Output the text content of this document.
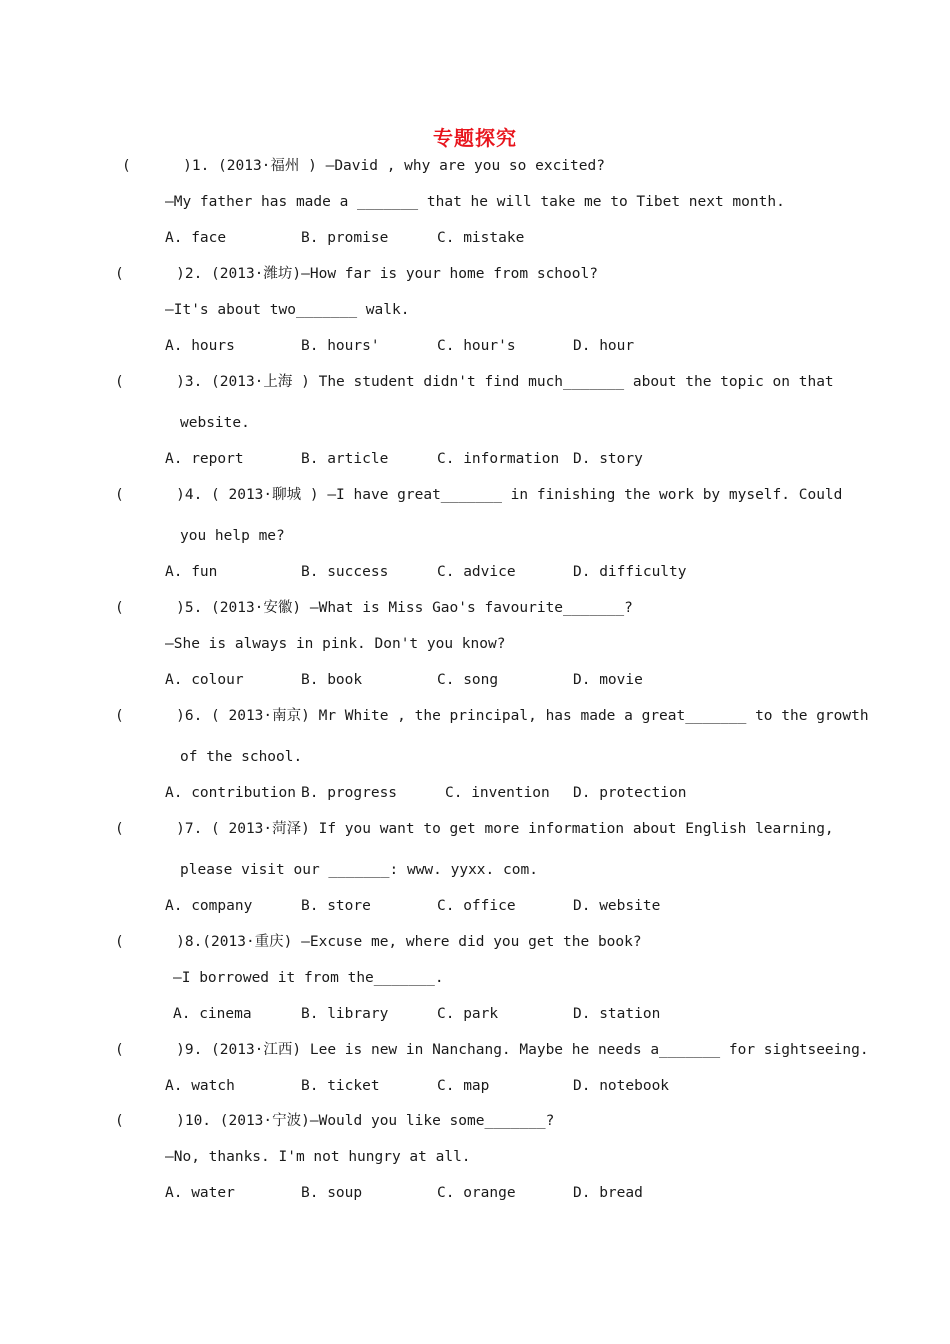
专题探究
(      )1. (2013·福州 ) —David , why are you so excited?
—My father has made a _______ that he will take me to Tibet next month.
A. face	B. promise	C. mistake
(      )2. (2013·潍坊)—How far is your home from school?
—It's about two_______ walk.
A. hours	B. hours'	C. hour's	D. hour
(      )3. (2013·上海 ) The student didn't find much_______ about the topic on that
website.
A. report	B. article	C. information D. story
(      )4. ( 2013·聊城 ) —I have great_______ in finishing the work by myself. Could
you help me?
A. fun	B. success	C. advice	D. difficulty
(      )5. (2013·安徽) —What is Miss Gao's favourite_______?
—She is always in pink. Don't you know?
A. colour	B. book	C. song	D. movie
(      )6. ( 2013·南京) Mr White , the principal, has made a great_______ to the growth
of the school.
A. contribution B. progress	C. invention D. protection
(      )7. ( 2013·菏泽) If you want to get more information about English learning,
please visit our _______: www. yyxx. com.
A. company	B. store	C. office	D. website
(      )8.(2013·重庆) —Excuse me, where did you get the book?
—I borrowed it from the_______.
A. cinema	B. library	C. park	D. station
(      )9. (2013·江西) Lee is new in Nanchang. Maybe he needs a_______ for sightseeing.
A. watch	B. ticket	C. map	D. notebook
(      )10. (2013·宁波)—Would you like some_______?
—No, thanks. I'm not hungry at all.
A. water	B. soup	C. orange	D. bread
